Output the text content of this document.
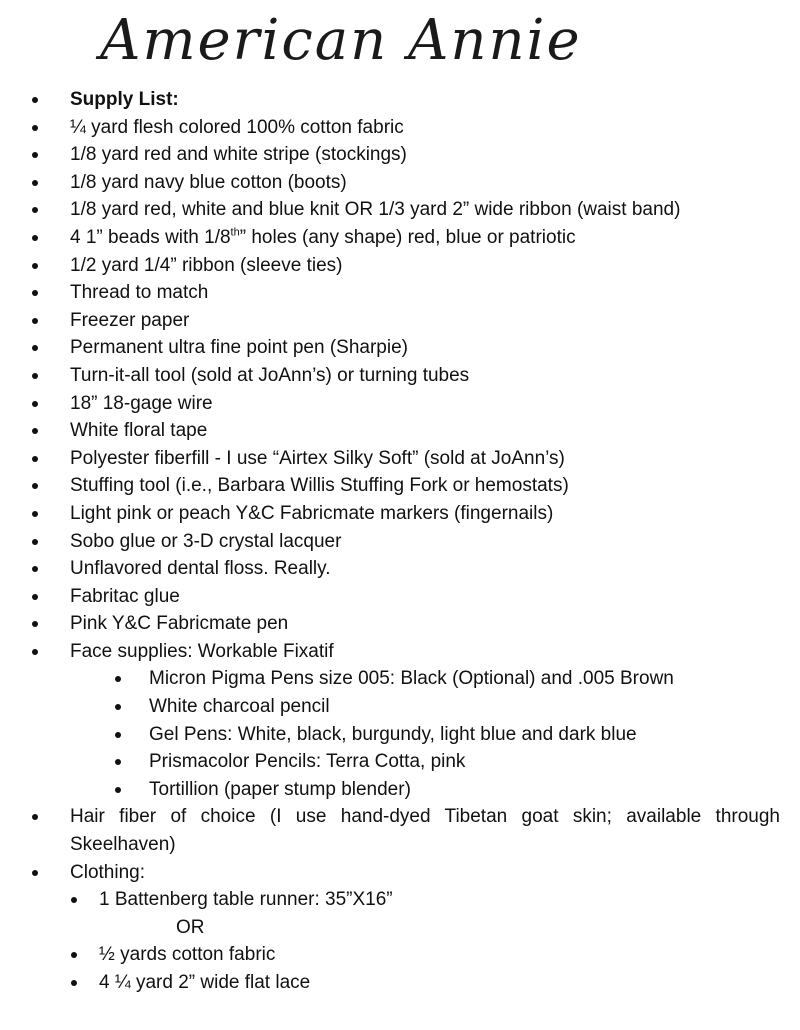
American Annie
Supply List:
¼ yard flesh colored 100% cotton fabric
1/8 yard red and white stripe (stockings)
1/8 yard navy blue cotton (boots)
1/8 yard red, white and blue knit OR 1/3 yard 2” wide ribbon (waist band)
4 1” beads with 1/8th” holes (any shape) red, blue or patriotic
1/2 yard 1/4” ribbon (sleeve ties)
Thread to match
Freezer paper
Permanent ultra fine point pen (Sharpie)
Turn-it-all tool (sold at JoAnn’s) or turning tubes
18” 18-gage wire
White floral tape
Polyester fiberfill - I use “Airtex Silky Soft” (sold at JoAnn’s)
Stuffing tool (i.e., Barbara Willis Stuffing Fork or hemostats)
Light pink or peach Y&C Fabricmate markers (fingernails)
Sobo glue or 3-D crystal lacquer
Unflavored dental floss. Really.
Fabritac glue
Pink Y&C Fabricmate pen
Face supplies: Workable Fixatif
Micron Pigma Pens size 005: Black (Optional) and .005 Brown
White charcoal pencil
Gel Pens: White, black, burgundy, light blue and dark blue
Prismacolor Pencils: Terra Cotta, pink
Tortillion (paper stump blender)
Hair fiber of choice (I use hand-dyed Tibetan goat skin; available through Skeelhaven)
Clothing:
1 Battenberg table runner: 35”X16”
OR
½ yards cotton fabric
4 ¼ yard 2” wide flat lace
